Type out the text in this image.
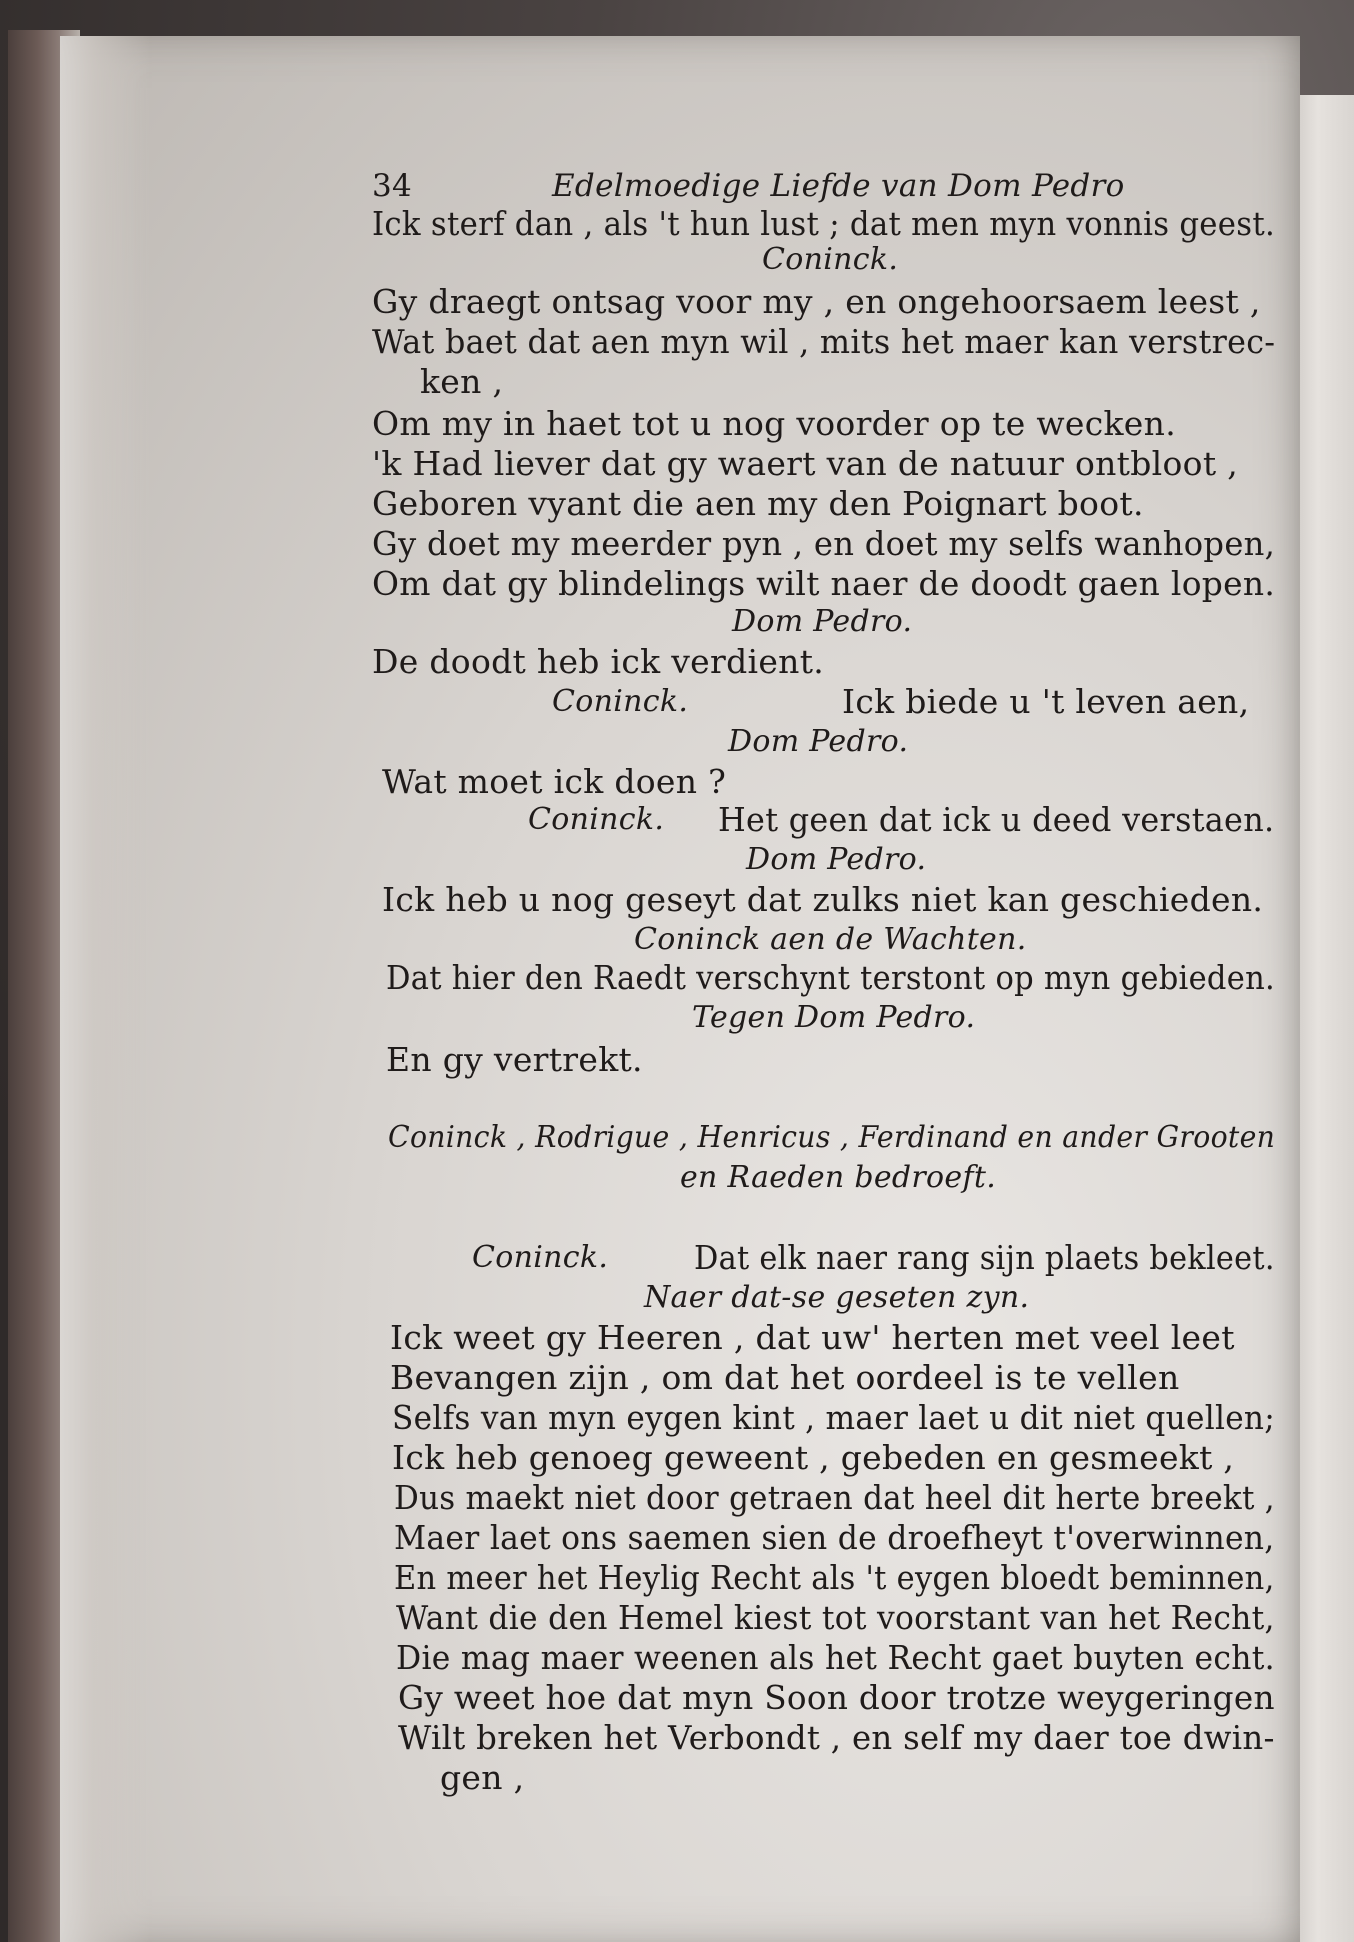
34	Edelmoedige Liefde van Dom Pedro
Ick sterf dan , als 't hun lust ; dat men myn vonnis geest.
Coninck.
Gy draegt ontsag voor my , en ongehoorsaem leest ,
Wat baet dat aen myn wil , mits het maer kan verstrec-
ken ,
Om my in haet tot u nog voorder op te wecken.
'k Had liever dat gy waert van de natuur ontbloot ,
Geboren vyant die aen my den Poignart boot.
Gy doet my meerder pyn , en doet my selfs wanhopen,
Om dat gy blindelings wilt naer de doodt gaen lopen.
Dom Pedro.
De doodt heb ick verdient.
Coninck.	Ick biede u 't leven aen,
Dom Pedro.
Wat moet ick doen ?
Coninck. Het geen dat ick u deed verstaen.
Dom Pedro.
Ick heb u nog geseyt dat zulks niet kan geschieden.
Coninck aen de Wachten.
Dat hier den Raedt verschynt terstont op myn gebieden.
Tegen Dom Pedro.
En gy vertrekt.
Coninck , Rodrigue , Henricus , Ferdinand en ander Grooten
en Raeden bedroeft.
Coninck.	Dat elk naer rang sijn plaets bekleet.
Naer dat-se geseten zyn.
Ick weet gy Heeren , dat uw' herten met veel leet
Bevangen zijn , om dat het oordeel is te vellen
Selfs van myn eygen kint , maer laet u dit niet quellen;
Ick heb genoeg geweent , gebeden en gesmeekt ,
Dus maekt niet door getraen dat heel dit herte breekt ,
Maer laet ons saemen sien de droefheyt t'overwinnen,
En meer het Heylig Recht als 't eygen bloedt beminnen,
Want die den Hemel kiest tot voorstant van het Recht,
Die mag maer weenen als het Recht gaet buyten echt.
Gy weet hoe dat myn Soon door trotze weygeringen
Wilt breken het Verbondt , en self my daer toe dwin-
gen ,
